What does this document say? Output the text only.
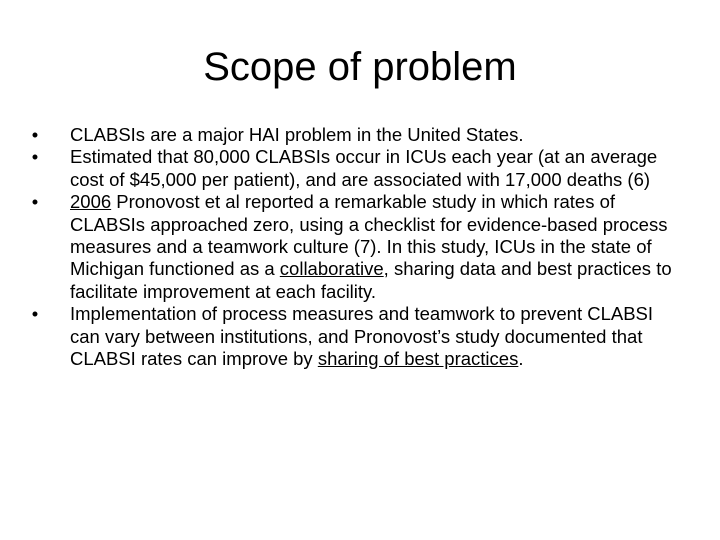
Scope of problem
• CLABSIs are a major HAI problem in the United States.
• Estimated that 80,000 CLABSIs occur in ICUs each year (at an average cost of $45,000 per patient), and are associated with 17,000 deaths (6)
• 2006 Pronovost et al reported a remarkable study in which rates of CLABSIs approached zero, using a checklist for evidence-based process measures and a teamwork culture (7). In this study, ICUs in the state of Michigan functioned as a collaborative, sharing data and best practices to facilitate improvement at each facility.
• Implementation of process measures and teamwork to prevent CLABSI can vary between institutions, and Pronovost’s study documented that CLABSI rates can improve by sharing of best practices.
